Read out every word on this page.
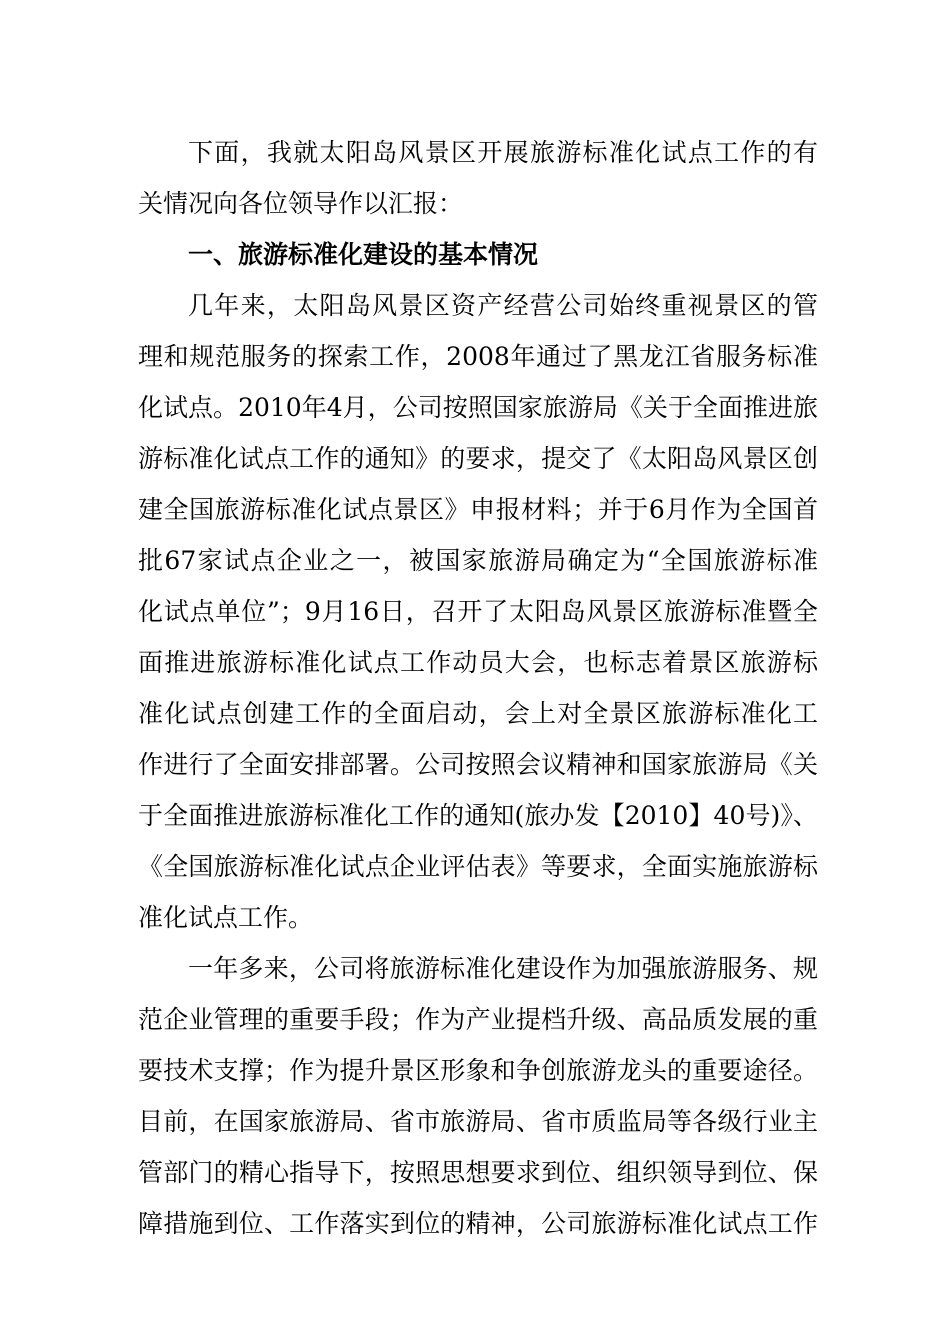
下面，我就太阳岛风景区开展旅游标准化试点工作的有
关情况向各位领导作以汇报：
一、旅游标准化建设的基本情况
几年来，太阳岛风景区资产经营公司始终重视景区的管
理和规范服务的探索工作，2008年通过了黑龙江省服务标准
化试点。2010年4月，公司按照国家旅游局《关于全面推进旅
游标准化试点工作的通知》的要求，提交了《太阳岛风景区创
建全国旅游标准化试点景区》申报材料；并于6月作为全国首
批67家试点企业之一，被国家旅游局确定为“全国旅游标准
化试点单位”；9月16日，召开了太阳岛风景区旅游标准暨全
面推进旅游标准化试点工作动员大会，也标志着景区旅游标
准化试点创建工作的全面启动，会上对全景区旅游标准化工
作进行了全面安排部署。公司按照会议精神和国家旅游局《关
于全面推进旅游标准化工作的通知(旅办发【2010】40号)》、
《全国旅游标准化试点企业评估表》等要求，全面实施旅游标
准化试点工作。
一年多来，公司将旅游标准化建设作为加强旅游服务、规
范企业管理的重要手段；作为产业提档升级、高品质发展的重
要技术支撑；作为提升景区形象和争创旅游龙头的重要途径。
目前，在国家旅游局、省市旅游局、省市质监局等各级行业主
管部门的精心指导下，按照思想要求到位、组织领导到位、保
障措施到位、工作落实到位的精神，公司旅游标准化试点工作
